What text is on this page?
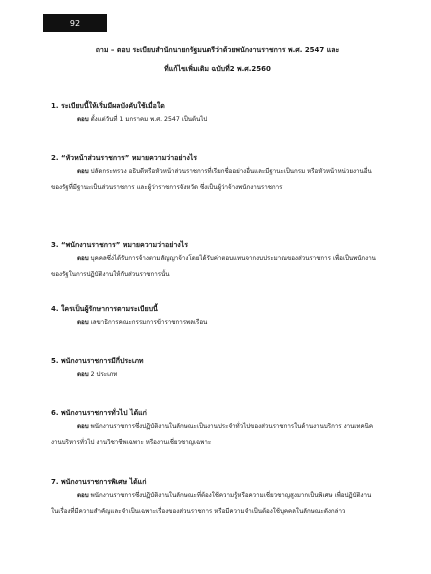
92
ถาม – ตอบ ระเบียบสำนักนายกรัฐมนตรีว่าด้วยพนักงานราชการ พ.ศ. 2547 และ
ที่แก้ไขเพิ่มเติม ฉบับที่2 พ.ศ.2560
1. ระเบียบนี้ให้เริ่มมีผลบังคับใช้เมื่อใด
ตอบ ตั้งแต่วันที่ 1 มกราคม พ.ศ. 2547 เป็นต้นไป
2. “หัวหน้าส่วนราชการ” หมายความว่าอย่างไร
ตอบ ปลัดกระทรวง อธิบดีหรือหัวหน้าส่วนราชการที่เรียกชื่ออย่างอื่นและมีฐานะเป็นกรม หรือหัวหน้าหน่วยงานอื่นของรัฐที่มีฐานะเป็นส่วนราชการ และผู้ว่าราชการจังหวัด ซึ่งเป็นผู้ว่าจ้างพนักงานราชการ
3. “พนักงานราชการ” หมายความว่าอย่างไร
ตอบ บุคคลซึ่งได้รับการจ้างตามสัญญาจ้างโดยได้รับค่าตอบแทนจากงบประมาณของส่วนราชการ เพื่อเป็นพนักงานของรัฐในการปฏิบัติงานให้กับส่วนราชการนั้น
4. ใครเป็นผู้รักษาการตามระเบียบนี้
ตอบ เลขาธิการคณะกรรมการข้าราชการพลเรือน
5. พนักงานราชการมีกี่ประเภท
ตอบ 2 ประเภท
6. พนักงานราชการทั่วไป ได้แก่
ตอบ พนักงานราชการซึ่งปฏิบัติงานในลักษณะเป็นงานประจำทั่วไปของส่วนราชการในด้านงานบริการ งานเทคนิค งานบริหารทั่วไป งานวิชาชีพเฉพาะ หรืองานเชี่ยวชาญเฉพาะ
7. พนักงานราชการพิเศษ ได้แก่
ตอบ พนักงานราชการซึ่งปฏิบัติงานในลักษณะที่ต้องใช้ความรู้หรือความเชี่ยวชาญสูงมากเป็นพิเศษ เพื่อปฏิบัติงานในเรื่องที่มีความสำคัญและจำเป็นเฉพาะเรื่องของส่วนราชการ หรือมีความจำเป็นต้องใช้บุคคลในลักษณะดังกล่าว
